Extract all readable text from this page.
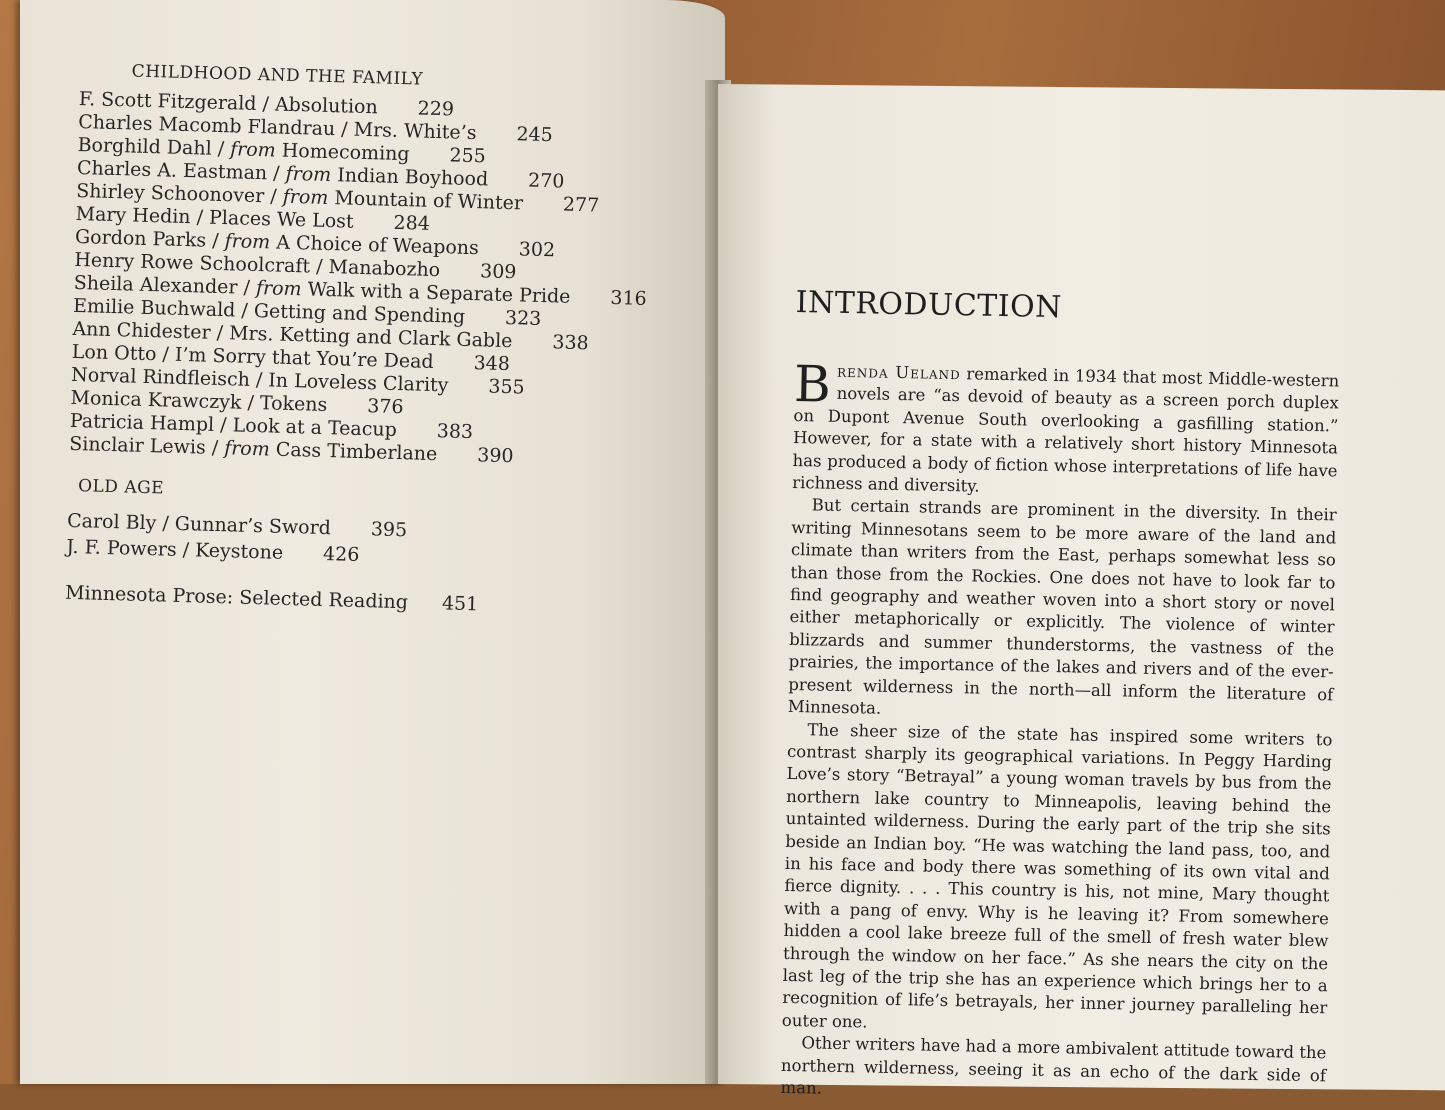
CHILDHOOD AND THE FAMILY
F. Scott Fitzgerald / Absolution 229
Charles Macomb Flandrau / Mrs. White’s 245
Borghild Dahl / from Homecoming 255
Charles A. Eastman / from Indian Boyhood 270
Shirley Schoonover / from Mountain of Winter 277
Mary Hedin / Places We Lost 284
Gordon Parks / from A Choice of Weapons 302
Henry Rowe Schoolcraft / Manabozho 309
Sheila Alexander / from Walk with a Separate Pride 316
Emilie Buchwald / Getting and Spending 323
Ann Chidester / Mrs. Ketting and Clark Gable 338
Lon Otto / I’m Sorry that You’re Dead 348
Norval Rindfleisch / In Loveless Clarity 355
Monica Krawczyk / Tokens 376
Patricia Hampl / Look at a Teacup 383
Sinclair Lewis / from Cass Timberlane 390
OLD AGE
Carol Bly / Gunnar’s Sword 395
J. F. Powers / Keystone 426
Minnesota Prose: Selected Reading 451
INTRODUCTION

Brenda Ueland remarked in 1934 that most Middle-western novels are “as devoid of beauty as a screen porch duplex on Dupont Avenue South overlooking a gasfilling station.” However, for a state with a relatively short history Minnesota has produced a body of fiction whose interpretations of life have richness and diversity.

But certain strands are prominent in the diversity. In their writing Minnesotans seem to be more aware of the land and climate than writers from the East, perhaps somewhat less so than those from the Rockies. One does not have to look far to find geography and weather woven into a short story or novel either metaphorically or explicitly. The violence of winter blizzards and summer thunderstorms, the vastness of the prairies, the importance of the lakes and rivers and of the ever-present wilderness in the north—all inform the literature of Minnesota.

The sheer size of the state has inspired some writers to contrast sharply its geographical variations. In Peggy Harding Love’s story “Betrayal” a young woman travels by bus from the northern lake country to Minneapolis, leaving behind the untainted wilderness. During the early part of the trip she sits beside an Indian boy. “He was watching the land pass, too, and in his face and body there was something of its own vital and fierce dignity. . . . This country is his, not mine, Mary thought with a pang of envy. Why is he leaving it? From somewhere hidden a cool lake breeze full of the smell of fresh water blew through the window on her face.” As she nears the city on the last leg of the trip she has an experience which brings her to a recognition of life’s betrayals, her inner journey paralleling her outer one.

Other writers have had a more ambivalent attitude toward the northern wilderness, seeing it as an echo of the dark side of man.
